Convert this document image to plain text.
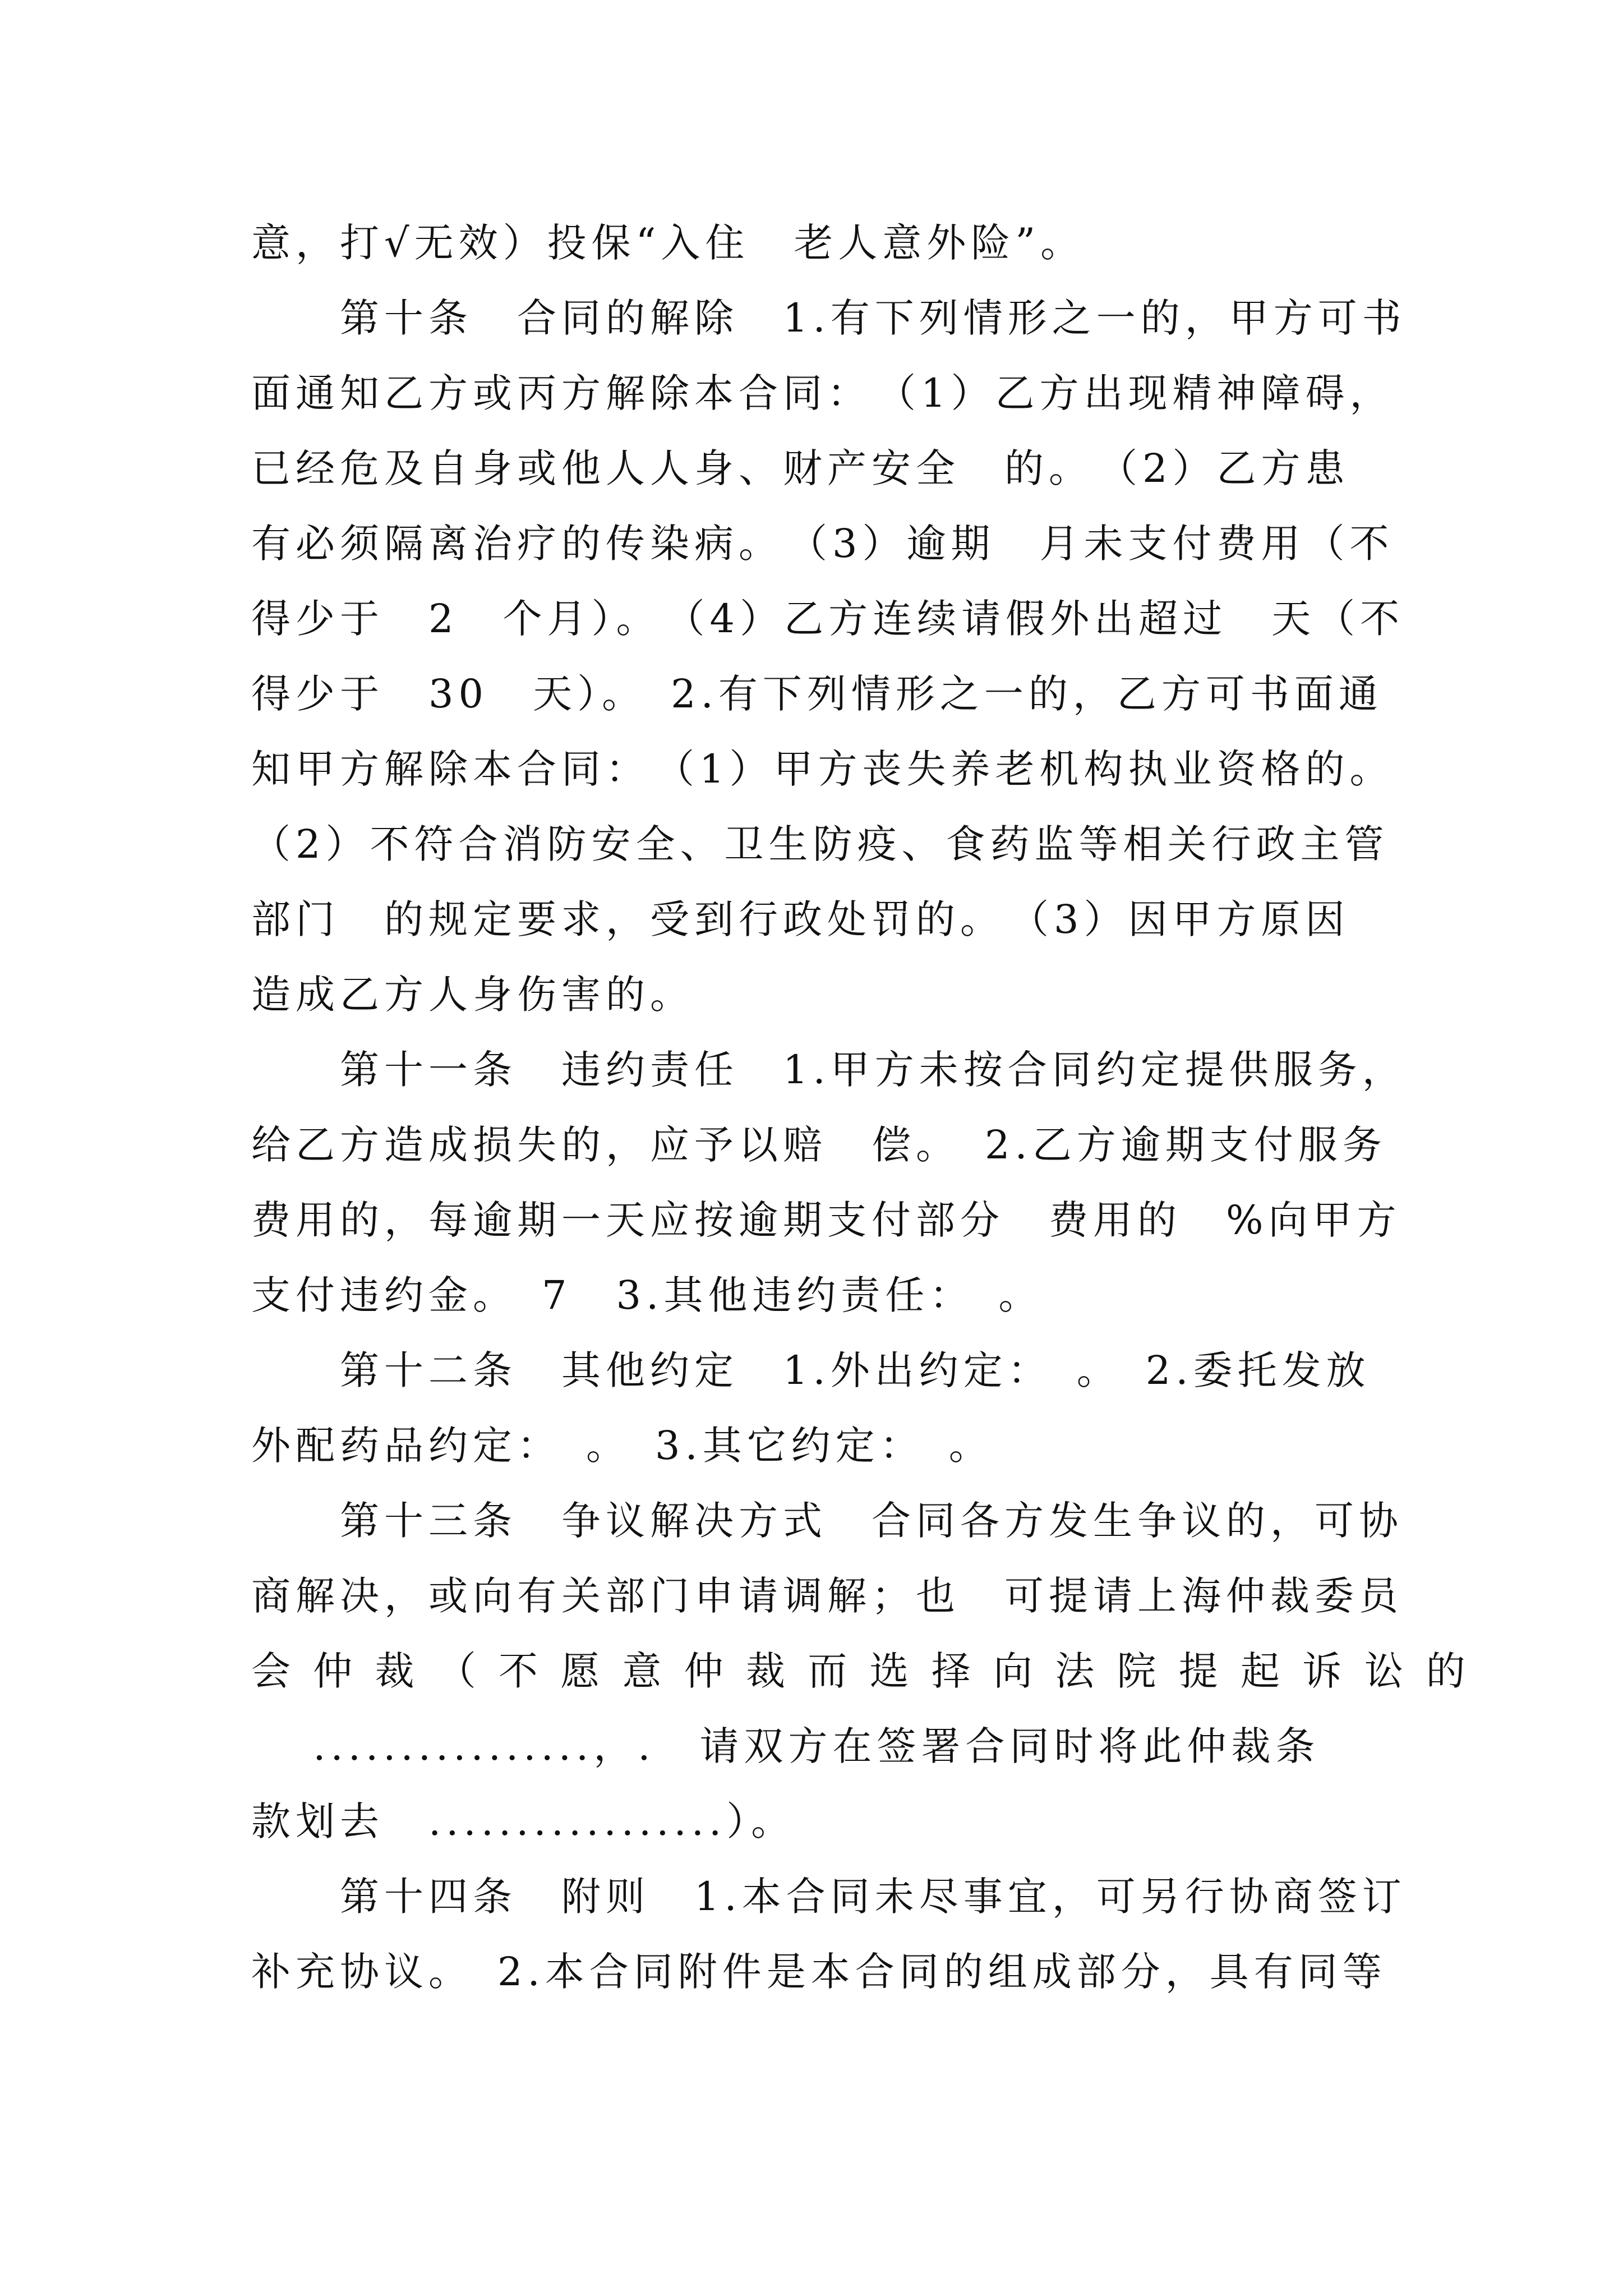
意，打√无效）投保“入住　老人意外险”。
　　第十条　合同的解除　1.有下列情形之一的，甲方可书
面通知乙方或丙方解除本合同：　（1）乙方出现精神障碍，
已经危及自身或他人人身、财产安全　的。　（2）乙方患
有必须隔离治疗的传染病。　（3）逾期　月未支付费用（不
得少于　2　个月）。　（4）乙方连续请假外出超过　天（不
得少于　30　天）。　2.有下列情形之一的，乙方可书面通
知甲方解除本合同：　（1）甲方丧失养老机构执业资格的。
（2）不符合消防安全、卫生防疫、食药监等相关行政主管
部门　的规定要求，受到行政处罚的。　（3）因甲方原因
造成乙方人身伤害的。
　　第十一条　违约责任　1.甲方未按合同约定提供服务，
给乙方造成损失的，应予以赔　偿。　2.乙方逾期支付服务
费用的，每逾期一天应按逾期支付部分　费用的　%向甲方
支付违约金。　7　3.其他违约责任：　。
　　第十二条　其他约定　1.外出约定：　。　2.委托发放
外配药品约定：　。　3.其它约定：　。
　　第十三条　争议解决方式　合同各方发生争议的，可协
商解决，或向有关部门申请调解；也　可提请上海仲裁委员
会 仲 裁 （ 不 愿 意 仲 裁 而 选 择 向 法 院 提 起 诉 讼 的
　 ................，.　请双方在签署合同时将此仲裁条
款划去　.................）。
　　第十四条　附则　1.本合同未尽事宜，可另行协商签订
补充协议。　2.本合同附件是本合同的组成部分，具有同等
